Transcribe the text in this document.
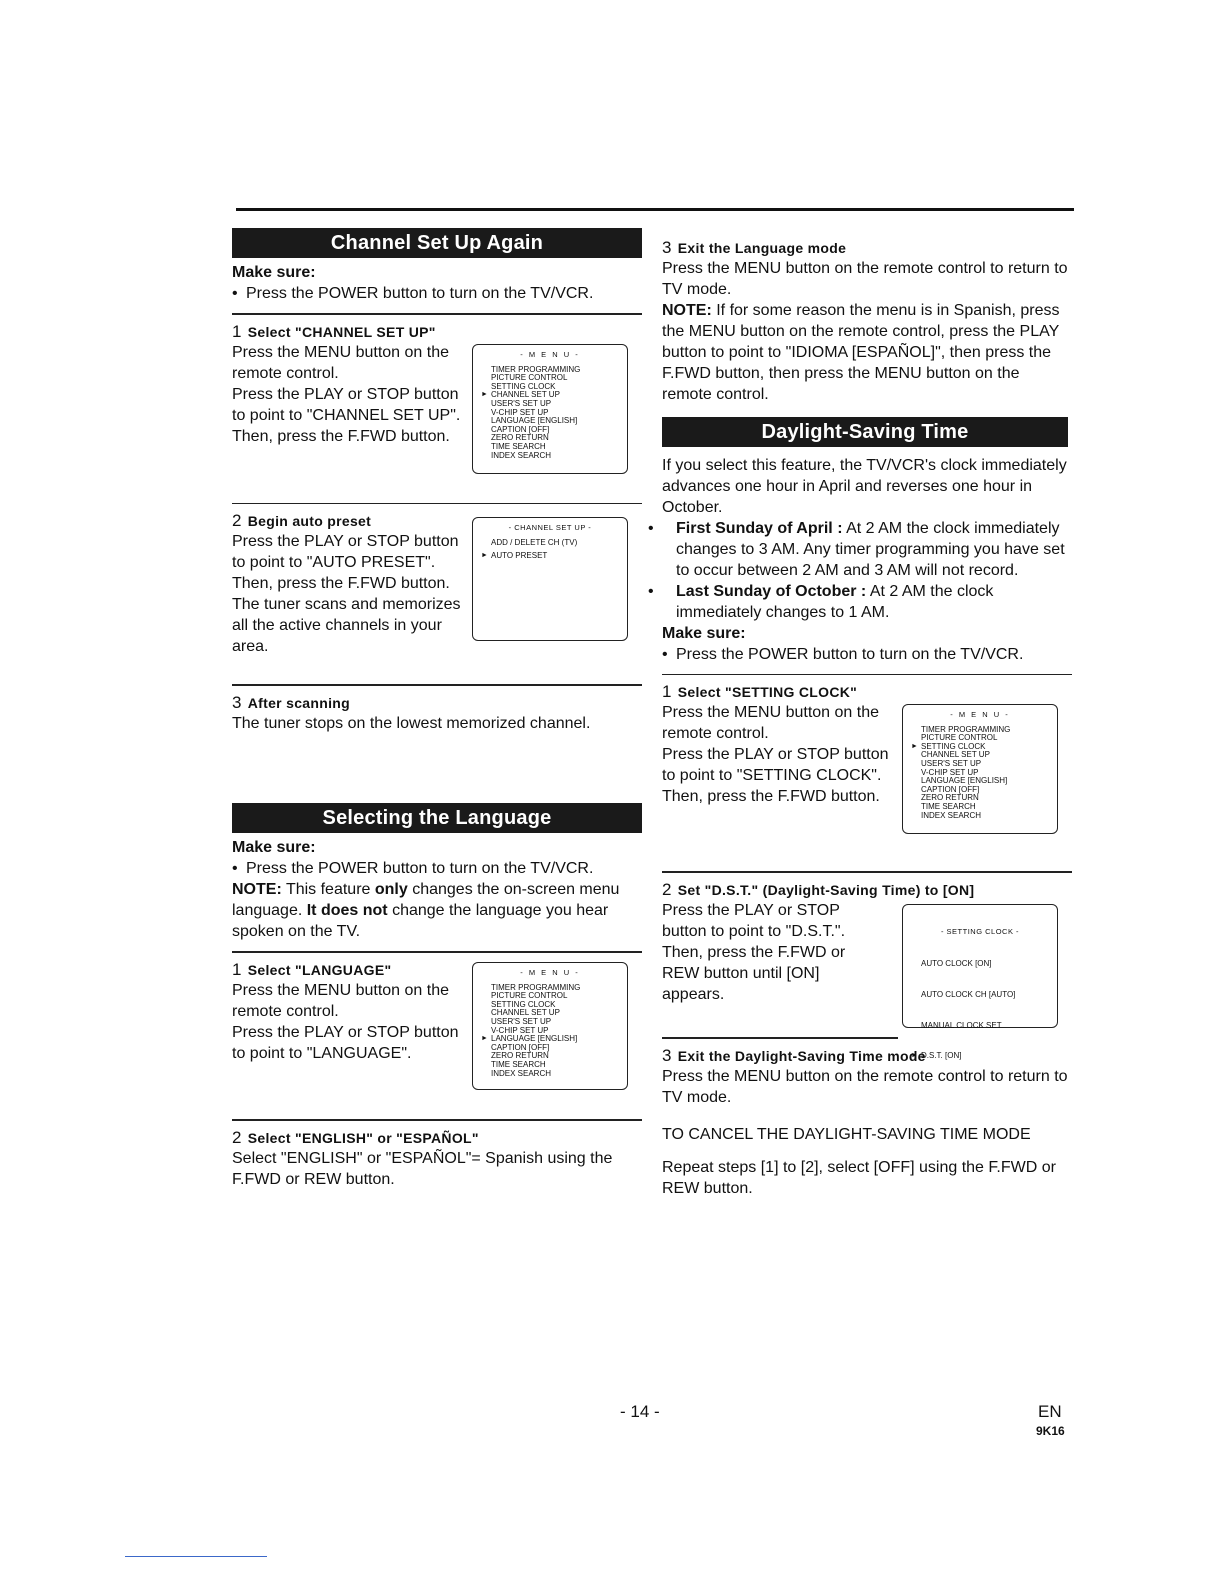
Channel Set Up Again
Make sure:

• Press the POWER button to turn on the TV/VCR.

1 Select "CHANNEL SET UP"

Press the MENU button on the remote control.

Press the PLAY or STOP button to point to "CHANNEL SET UP".

Then, press the F.FWD button.

- M E N U -
TIMER PROGRAMMING
PICTURE CONTROL
SETTING CLOCK
► CHANNEL SET UP
USER'S SET UP
V-CHIP SET UP
LANGUAGE [ENGLISH]
CAPTION [OFF]
ZERO RETURN
TIME SEARCH
INDEX SEARCH
2 Begin auto preset

Press the PLAY or STOP button to point to "AUTO PRESET".

Then, press the F.FWD button. The tuner scans and memorizes all the active channels in your area.

- CHANNEL SET UP -
ADD / DELETE CH (TV)
► AUTO PRESET
3 After scanning

The tuner stops on the lowest memorized channel.

Selecting the Language
Make sure:

• Press the POWER button to turn on the TV/VCR.

NOTE: This feature only changes the on-screen menu language. It does not change the language you hear spoken on the TV.

1 Select "LANGUAGE"

Press the MENU button on the remote control.

Press the PLAY or STOP button to point to "LANGUAGE".

- M E N U -
TIMER PROGRAMMING
PICTURE CONTROL
SETTING CLOCK
CHANNEL SET UP
USER'S SET UP
V-CHIP SET UP
► LANGUAGE [ENGLISH]
CAPTION [OFF]
ZERO RETURN
TIME SEARCH
INDEX SEARCH
2 Select "ENGLISH" or "ESPAÑOL"

Select "ENGLISH" or "ESPAÑOL"= Spanish using the F.FWD or REW button.

3 Exit the Language mode

Press the MENU button on the remote control to return to TV mode.

NOTE: If for some reason the menu is in Spanish, press the MENU button on the remote control, press the PLAY button to point to "IDIOMA [ESPAÑOL]", then press the F.FWD button, then press the MENU button on the remote control.

Daylight-Saving Time

If you select this feature, the TV/VCR's clock immediately advances one hour in April and reverses one hour in October.

• First Sunday of April : At 2 AM the clock immediately changes to 3 AM. Any timer programming you have set to occur between 2 AM and 3 AM will not record.

• Last Sunday of October : At 2 AM the clock immediately changes to 1 AM.

Make sure:

• Press the POWER button to turn on the TV/VCR.

1 Select "SETTING CLOCK"

Press the MENU button on the remote control.

Press the PLAY or STOP button to point to "SETTING CLOCK".

Then, press the F.FWD button.

- M E N U -
TIMER PROGRAMMING
PICTURE CONTROL
► SETTING CLOCK
CHANNEL SET UP
USER'S SET UP
V-CHIP SET UP
LANGUAGE [ENGLISH]
CAPTION [OFF]
ZERO RETURN
TIME SEARCH
INDEX SEARCH
2 Set "D.S.T." (Daylight-Saving Time) to [ON]

Press the PLAY or STOP button to point to "D.S.T.".

Then, press the F.FWD or REW button until [ON] appears.

- SETTING CLOCK -

AUTO CLOCK [ON]

AUTO CLOCK CH [AUTO]

MANUAL CLOCK SET

► D.S.T. [ON]

3 Exit the Daylight-Saving Time mode

Press the MENU button on the remote control to return to TV mode.

TO CANCEL THE DAYLIGHT-SAVING TIME MODE

Repeat steps [1] to [2], select [OFF] using the F.FWD or REW button.

- 14 -	EN
9K16
